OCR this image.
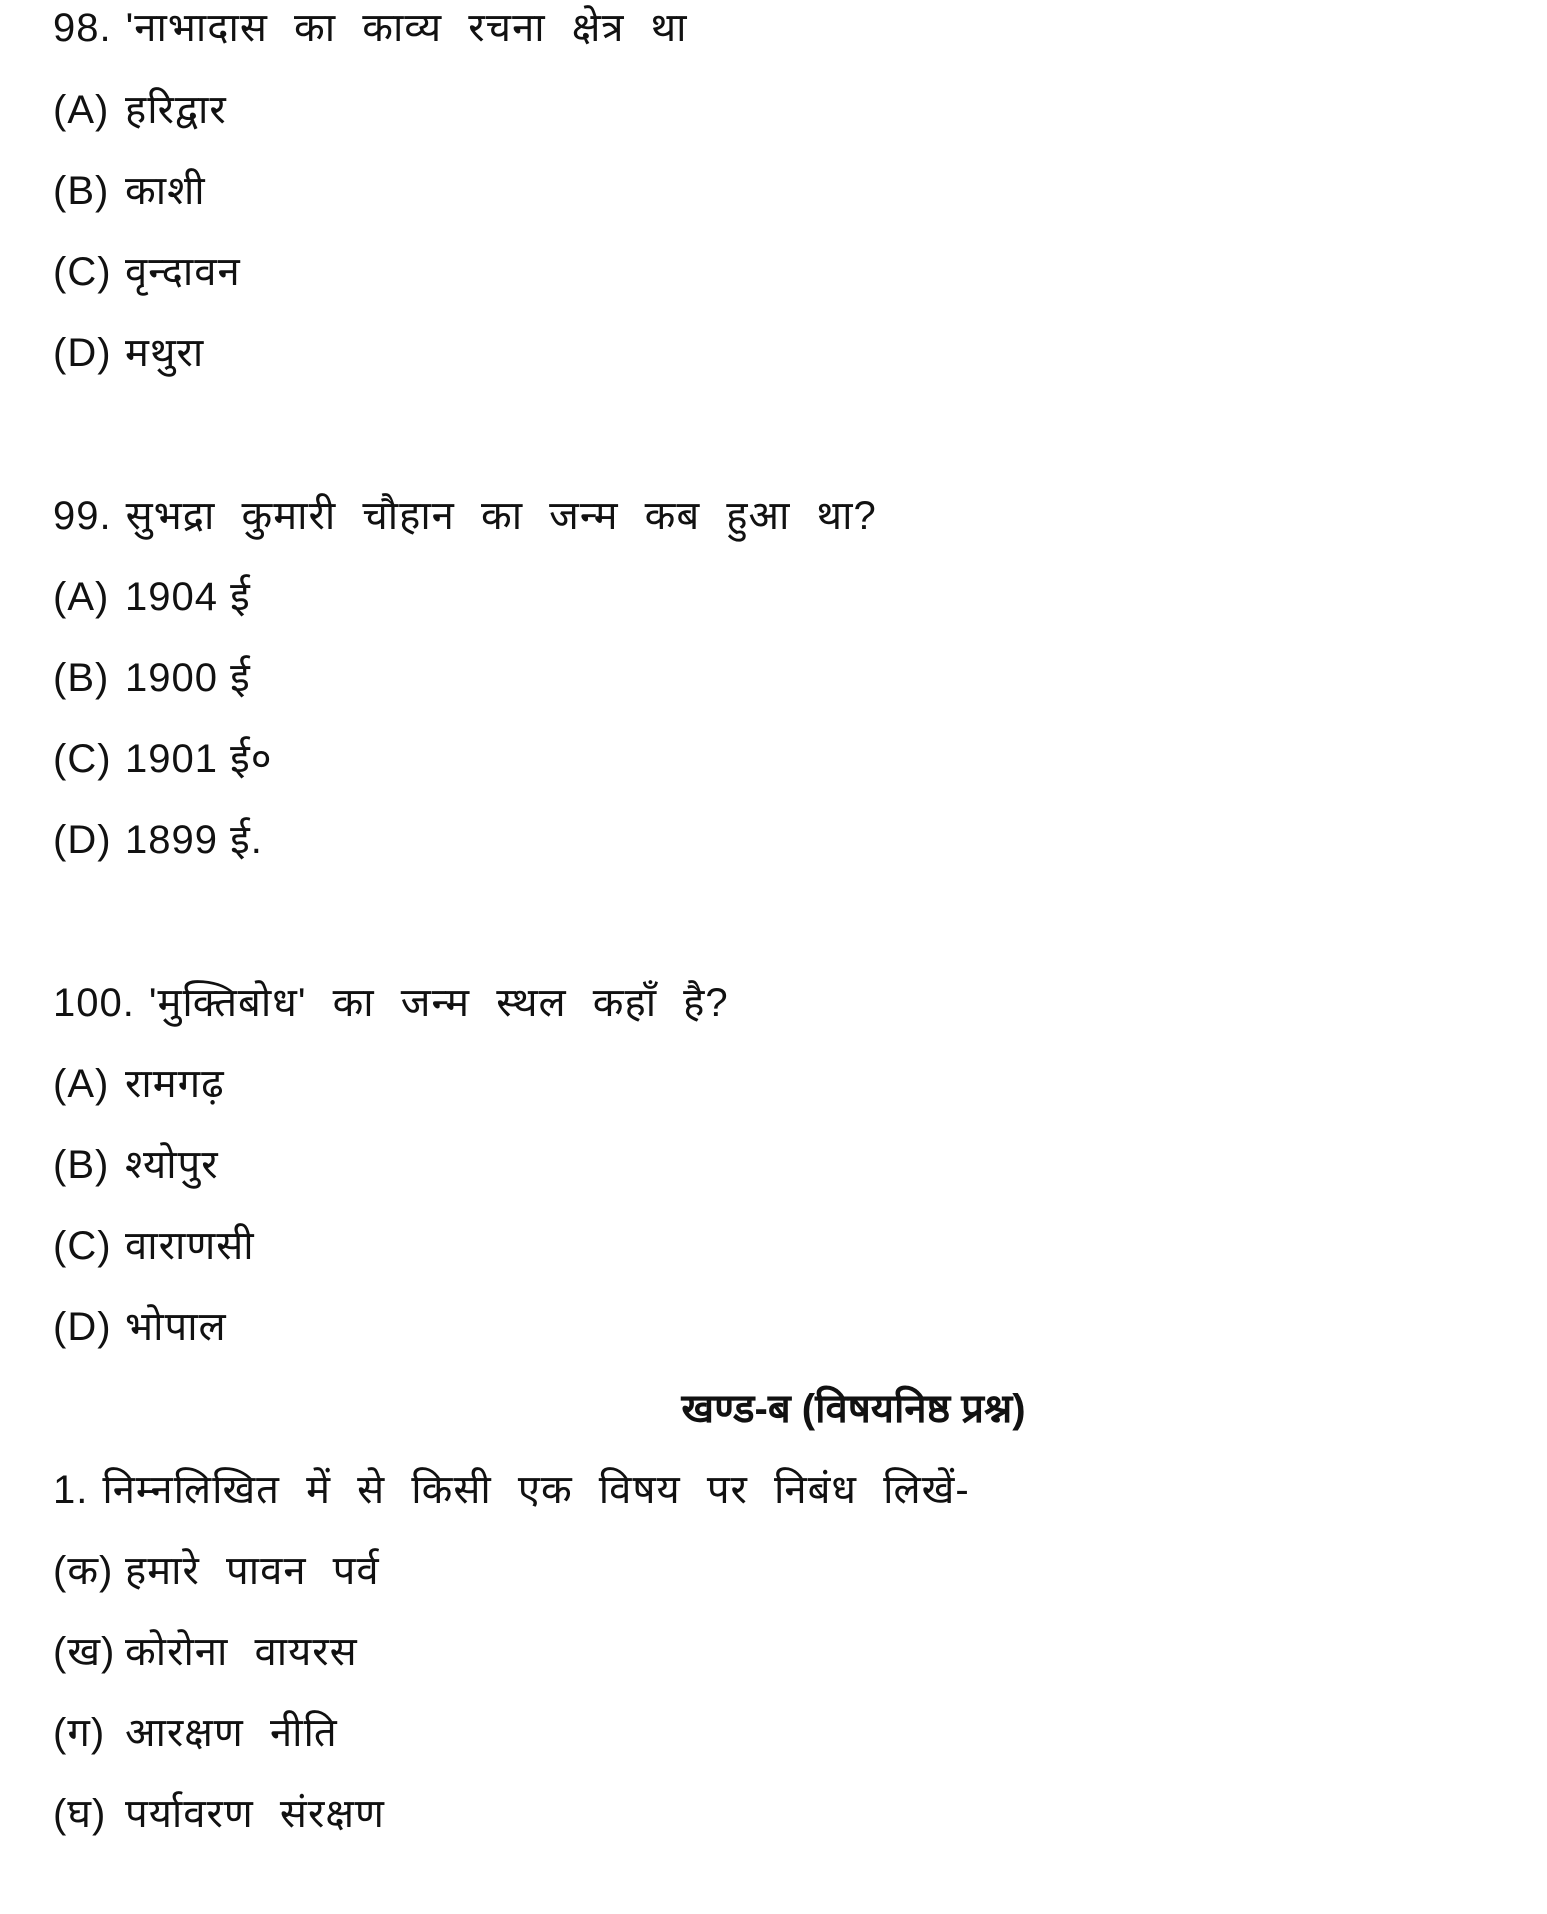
98. 'नाभादास का काव्य रचना क्षेत्र था
(A) हरिद्वार
(B) काशी
(C) वृन्दावन
(D) मथुरा
99. सुभद्रा कुमारी चौहान का जन्म कब हुआ था?
(A) 1904 ई
(B) 1900 ई
(C) 1901 ई०
(D) 1899 ई.
100. 'मुक्तिबोध' का जन्म स्थल कहाँ है?
(A) रामगढ़
(B) श्योपुर
(C) वाराणसी
(D) भोपाल
खण्ड-ब (विषयनिष्ठ प्रश्न)
1. निम्नलिखित में से किसी एक विषय पर निबंध लिखें-
(क) हमारे पावन पर्व
(ख) कोरोना वायरस
(ग) आरक्षण नीति
(घ) पर्यावरण संरक्षण
